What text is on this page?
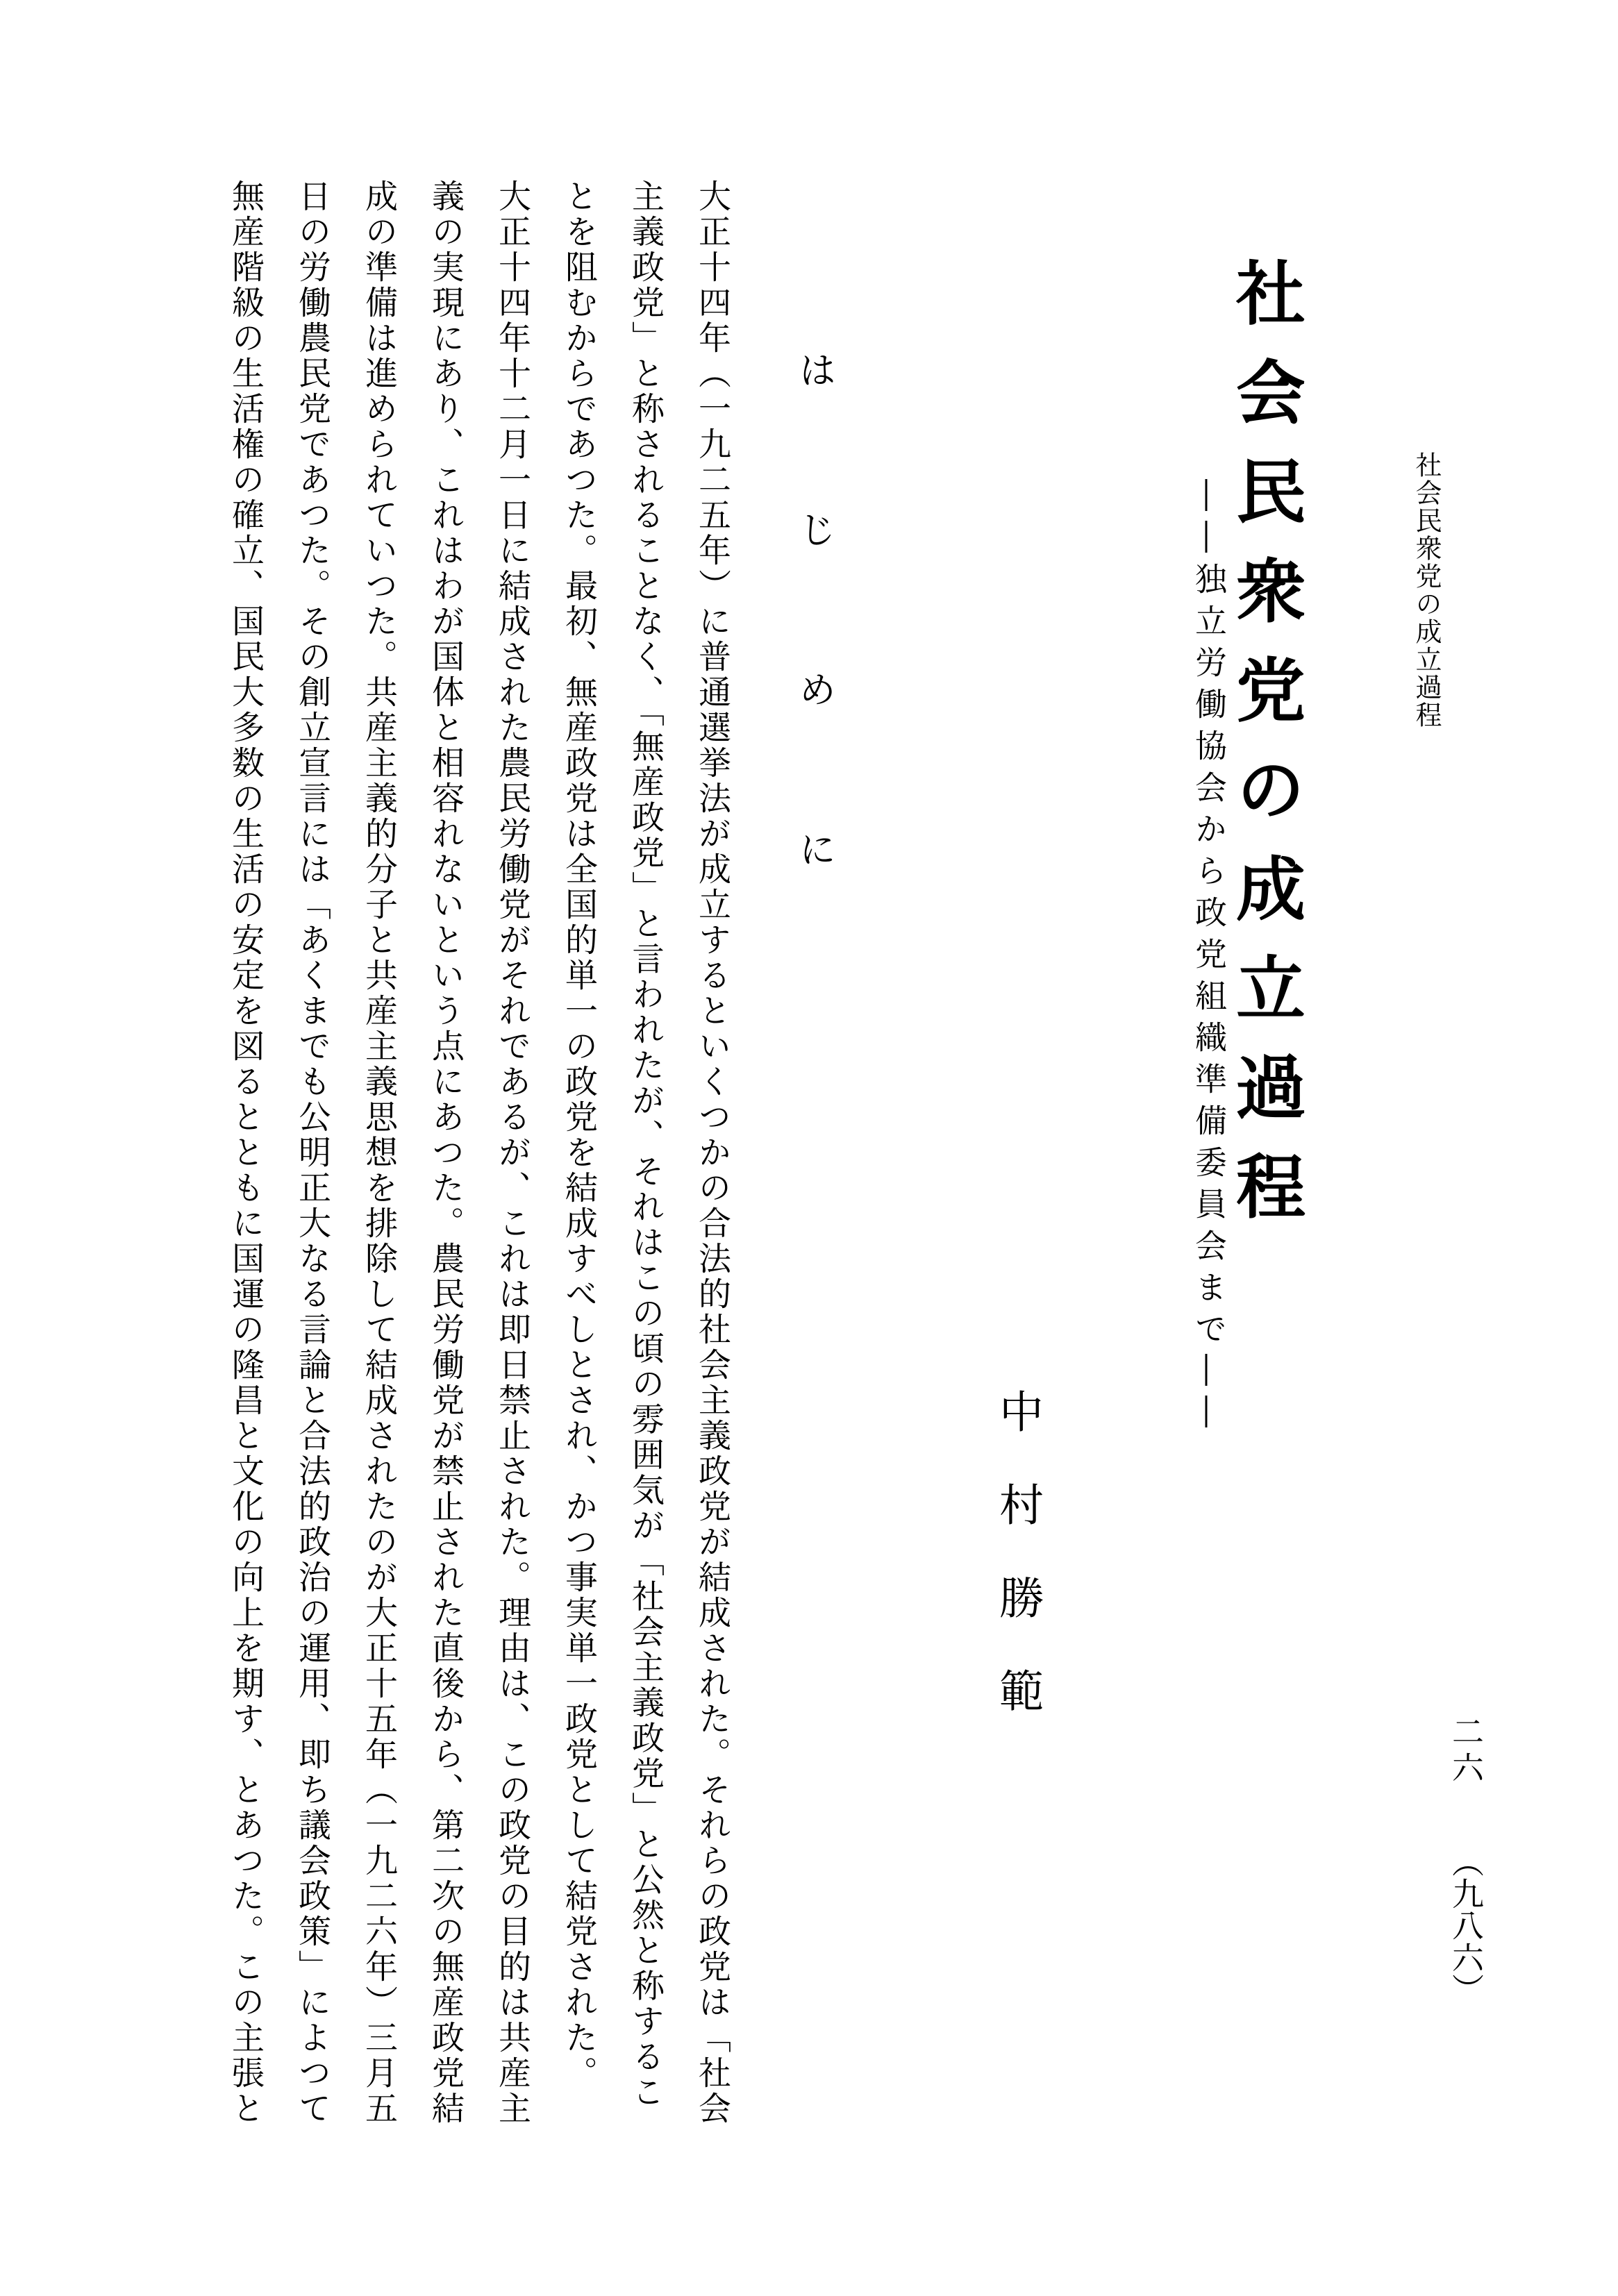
社会民衆党の成立過程
社会民衆党の成立過程
――独立労働協会から政党組織準備委員会まで――
中村勝範
はじめに
大正十四年（一九二五年）に普通選挙法が成立するといくつかの合法的社会主義政党が結成された。それらの政党は「社会
主義政党」と称されることなく、「無産政党」と言われたが、それはこの頃の雰囲気が「社会主義政党」と公然と称するこ
とを阻むからであつた。最初、無産政党は全国的単一の政党を結成すべしとされ、かつ事実単一政党として結党された。
大正十四年十二月一日に結成された農民労働党がそれであるが、これは即日禁止された。理由は、この政党の目的は共産主
義の実現にあり、これはわが国体と相容れないという点にあつた。農民労働党が禁止された直後から、第二次の無産政党結
成の準備は進められていつた。共産主義的分子と共産主義思想を排除して結成されたのが大正十五年（一九二六年）三月五
日の労働農民党であつた。その創立宣言には「あくまでも公明正大なる言論と合法的政治の運用、即ち議会政策」によつて
無産階級の生活権の確立、国民大多数の生活の安定を図るとともに国運の隆昌と文化の向上を期す、とあつた。この主張と	二六
（九八六）
